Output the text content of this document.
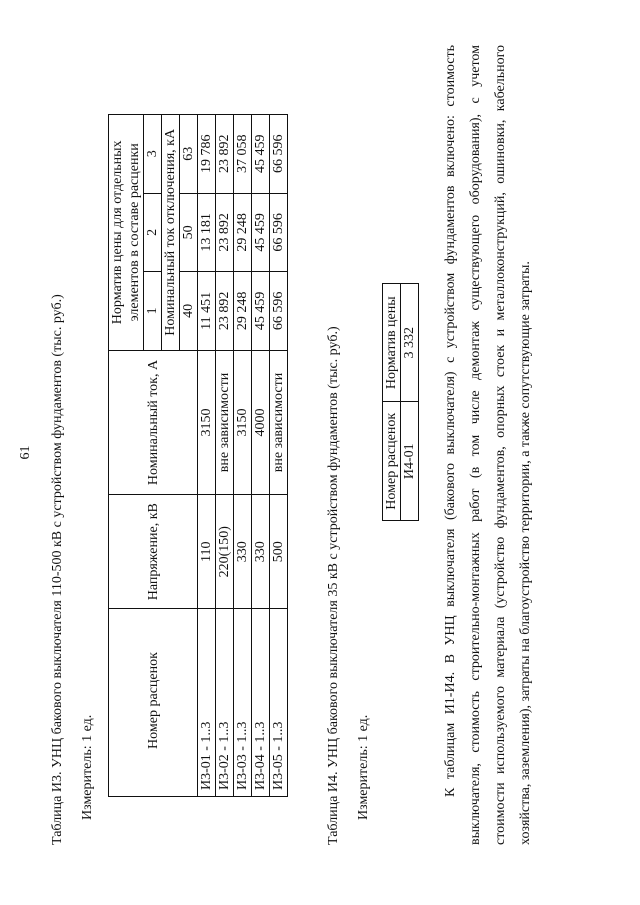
61 Таблица И3. УНЦ бакового выключателя 110-500 кВ с устройством фундаментов (тыс. руб.) Измеритель: 1 ед.
Номер расценок	Напряжение, кВ	Номинальный ток, А	Норматив цены для отдельных элементов в составе расценки		
			1	2	3
			Номинальный ток отключения, кА		
			40	50	63
И3-01 - 1..3	110	3150	11 451	13 181	19 786
И3-02 - 1..3	220(150)	вне зависимости	23 892	23 892	23 892
И3-03 - 1..3	330	3150	29 248	29 248	37 058
И3-04 - 1..3	330	4000	45 459	45 459	45 459
И3-05 - 1..3	500	вне зависимости	66 596	66 596	66 596
Таблица И4. УНЦ бакового выключателя 35 кВ с устройством фундаментов (тыс. руб.) Измеритель: 1 ед.
Номер расценок	Норматив цены
И4-01	3 332	К таблицам И1-И4. В УНЦ выключателя (бакового выключателя) с устройством фундаментов включено: стоимость выключателя, стоимость строительно-монтажных работ (в том числе демонтаж существующего оборудования), с учетом стоимости используемого материала (устройство фундаментов, опорных стоек и металлоконструкций, ошиновки, кабельного хозяйства, заземления), затраты на благоустройство территории, а также сопутствующие затраты.
